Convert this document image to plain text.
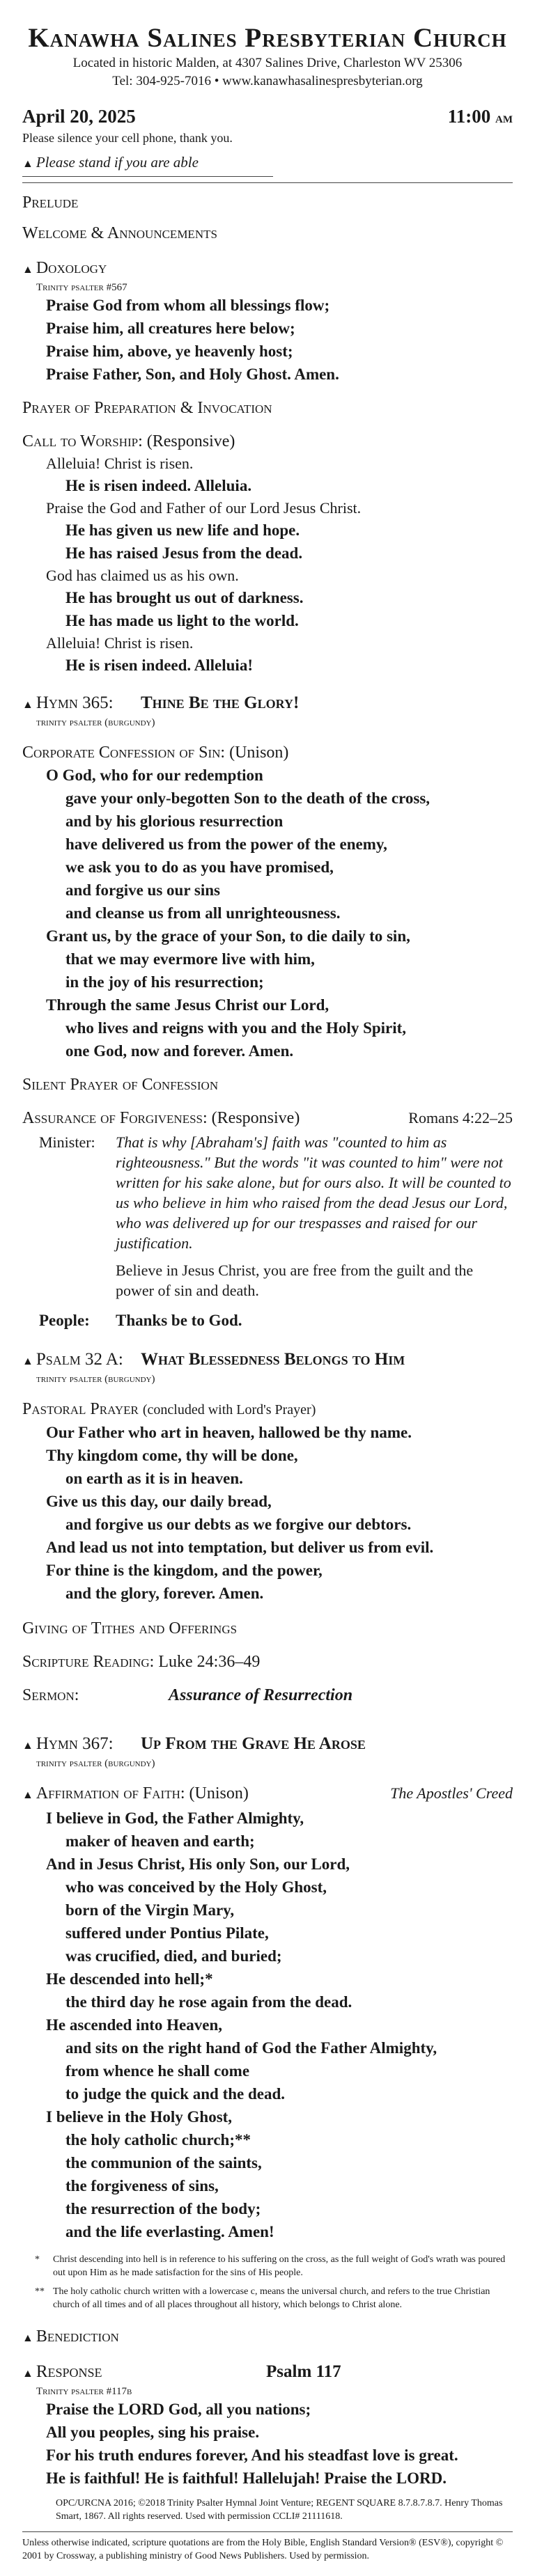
Kanawha Salines Presbyterian Church
Located in historic Malden, at 4307 Salines Drive, Charleston WV 25306
Tel: 304-925-7016 • www.kanawhasalinespresbyterian.org
April 20, 2025	11:00 am
Please silence your cell phone, thank you.
▲ Please stand if you are able
Prelude
Welcome & Announcements
▲ Doxology
Trinity psalter #567
Praise God from whom all blessings flow;
Praise him, all creatures here below;
Praise him, above, ye heavenly host;
Praise Father, Son, and Holy Ghost. Amen.
Prayer of Preparation & Invocation
Call to Worship: (Responsive)
Alleluia! Christ is risen.
He is risen indeed. Alleluia.
Praise the God and Father of our Lord Jesus Christ.
He has given us new life and hope.
He has raised Jesus from the dead.
God has claimed us as his own.
He has brought us out of darkness.
He has made us light to the world.
Alleluia! Christ is risen.
He is risen indeed. Alleluia!
▲ Hymn 365:	Thine Be the Glory!
trinity psalter (burgundy)
Corporate Confession of Sin: (Unison)
O God, who for our redemption
gave your only-begotten Son to the death of the cross,
and by his glorious resurrection
have delivered us from the power of the enemy,
we ask you to do as you have promised,
and forgive us our sins
and cleanse us from all unrighteousness.
Grant us, by the grace of your Son, to die daily to sin,
that we may evermore live with him,
in the joy of his resurrection;
Through the same Jesus Christ our Lord,
who lives and reigns with you and the Holy Spirit,
one God, now and forever. Amen.
Silent Prayer of Confession
Assurance of Forgiveness: (Responsive)	Romans 4:22–25
Minister:	That is why [Abraham's] faith was "counted to him as righteousness." But the words "it was counted to him" were not written for his sake alone, but for ours also. It will be counted to us who believe in him who raised from the dead Jesus our Lord, who was delivered up for our trespasses and raised for our justification.
Believe in Jesus Christ, you are free from the guilt and the power of sin and death.
People:	Thanks be to God.
▲ Psalm 32 A:	What Blessedness Belongs to Him
trinity psalter (burgundy)
Pastoral Prayer (concluded with Lord's Prayer)
Our Father who art in heaven, hallowed be thy name.
Thy kingdom come, thy will be done,
on earth as it is in heaven.
Give us this day, our daily bread,
and forgive us our debts as we forgive our debtors.
And lead us not into temptation, but deliver us from evil.
For thine is the kingdom, and the power,
and the glory, forever. Amen.
Giving of Tithes and Offerings
Scripture Reading: Luke 24:36–49
Sermon:	Assurance of Resurrection
▲ Hymn 367:	Up From the Grave He Arose
trinity psalter (burgundy)
▲ Affirmation of Faith: (Unison)	The Apostles' Creed
I believe in God, the Father Almighty,
maker of heaven and earth;
And in Jesus Christ, His only Son, our Lord,
who was conceived by the Holy Ghost,
born of the Virgin Mary,
suffered under Pontius Pilate,
was crucified, died, and buried;
He descended into hell;*
the third day he rose again from the dead.
He ascended into Heaven,
and sits on the right hand of God the Father Almighty,
from whence he shall come
to judge the quick and the dead.
I believe in the Holy Ghost,
the holy catholic church;**
the communion of the saints,
the forgiveness of sins,
the resurrection of the body;
and the life everlasting. Amen!
*	Christ descending into hell is in reference to his suffering on the cross, as the full weight of God's wrath was poured out upon Him as he made satisfaction for the sins of His people.
** The holy catholic church written with a lowercase c, means the universal church, and refers to the true Christian church of all times and of all places throughout all history, which belongs to Christ alone.
▲ Benediction
▲ Response	Psalm 117
Trinity psalter #117b
Praise the LORD God, all you nations;
All you peoples, sing his praise.
For his truth endures forever, And his steadfast love is great.
He is faithful! He is faithful! Hallelujah! Praise the LORD.
OPC/URCNA 2016; ©2018 Trinity Psalter Hymnal Joint Venture; REGENT SQUARE 8.7.8.7.8.7. Henry Thomas Smart, 1867. All rights reserved. Used with permission CCLI# 21111618.
Unless otherwise indicated, scripture quotations are from the Holy Bible, English Standard Version® (ESV®), copyright © 2001 by Crossway, a publishing ministry of Good News Publishers. Used by permission.
